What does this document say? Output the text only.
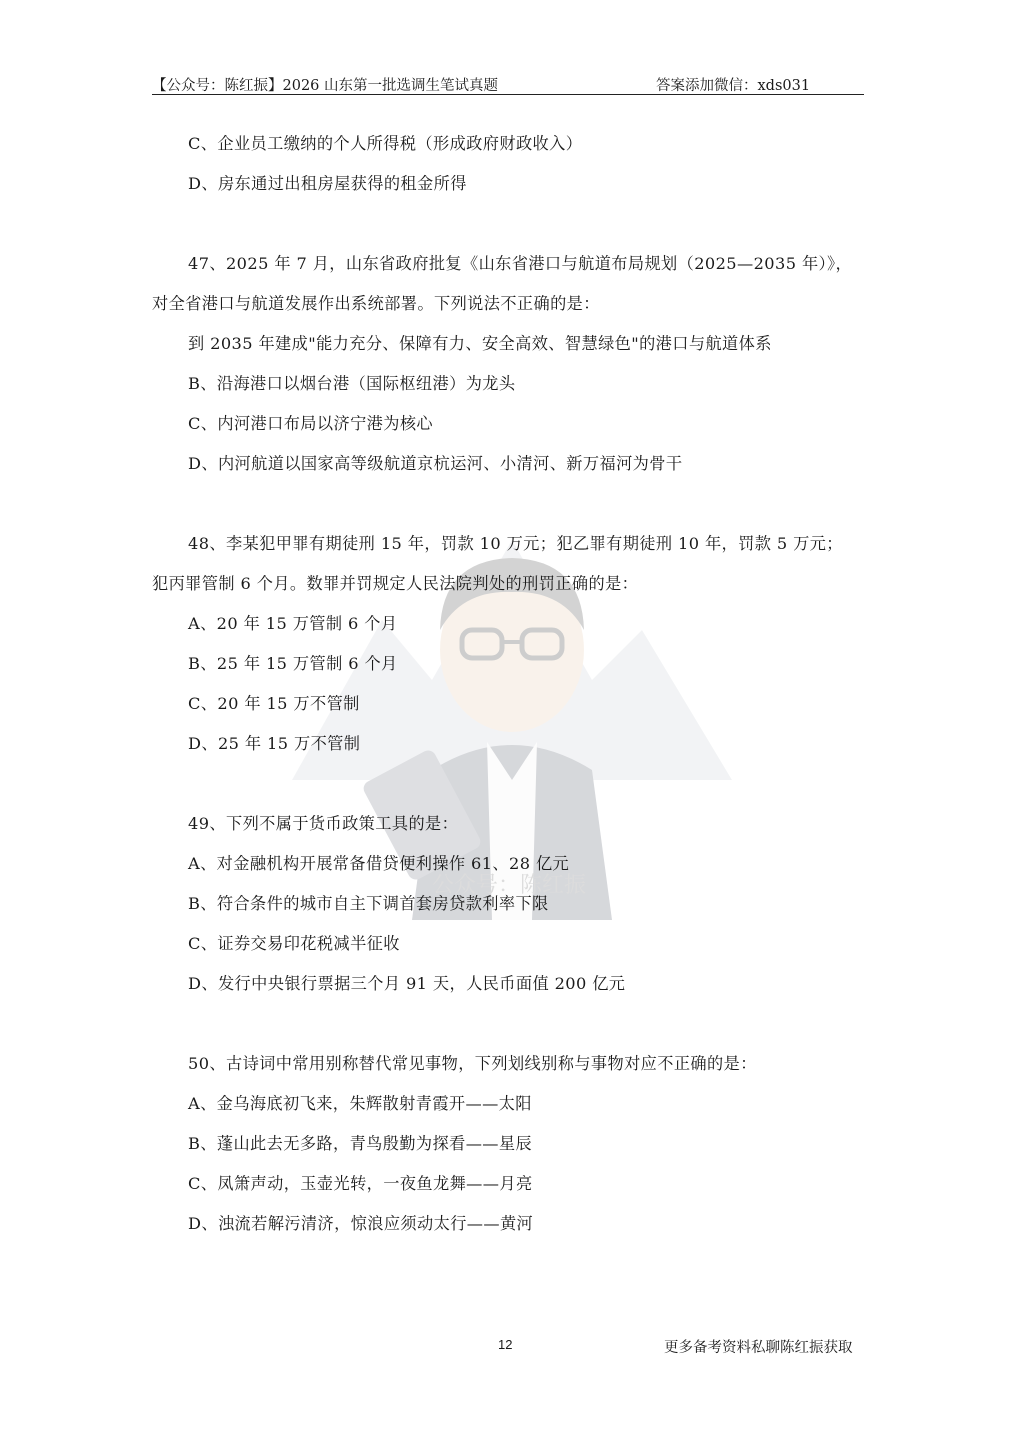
【公众号：陈红振】2026 山东第一批选调生笔试真题	答案添加微信：xds031
公众号：陈红振
C、企业员工缴纳的个人所得税（形成政府财政收入）
D、房东通过出租房屋获得的租金所得
47、2025 年 7 月，山东省政府批复《山东省港口与航道布局规划（2025—2035 年）》，
对全省港口与航道发展作出系统部署。下列说法不正确的是：
到 2035 年建成"能力充分、保障有力、安全高效、智慧绿色"的港口与航道体系
B、沿海港口以烟台港（国际枢纽港）为龙头
C、内河港口布局以济宁港为核心
D、内河航道以国家高等级航道京杭运河、小清河、新万福河为骨干
48、李某犯甲罪有期徒刑 15 年，罚款 10 万元；犯乙罪有期徒刑 10 年，罚款 5 万元；
犯丙罪管制 6 个月。数罪并罚规定人民法院判处的刑罚正确的是：
A、20 年 15 万管制 6 个月
B、25 年 15 万管制 6 个月
C、20 年 15 万不管制
D、25 年 15 万不管制
49、下列不属于货币政策工具的是：
A、对金融机构开展常备借贷便利操作 61、28 亿元
B、符合条件的城市自主下调首套房贷款利率下限
C、证券交易印花税减半征收
D、发行中央银行票据三个月 91 天，人民币面值 200 亿元
50、古诗词中常用别称替代常见事物，下列划线别称与事物对应不正确的是：
A、金乌海底初飞来，朱辉散射青霞开——太阳
B、蓬山此去无多路，青鸟殷勤为探看——星辰
C、凤箫声动，玉壶光转，一夜鱼龙舞——月亮
D、浊流若解污清济，惊浪应须动太行——黄河
12	更多备考资料私聊陈红振获取
